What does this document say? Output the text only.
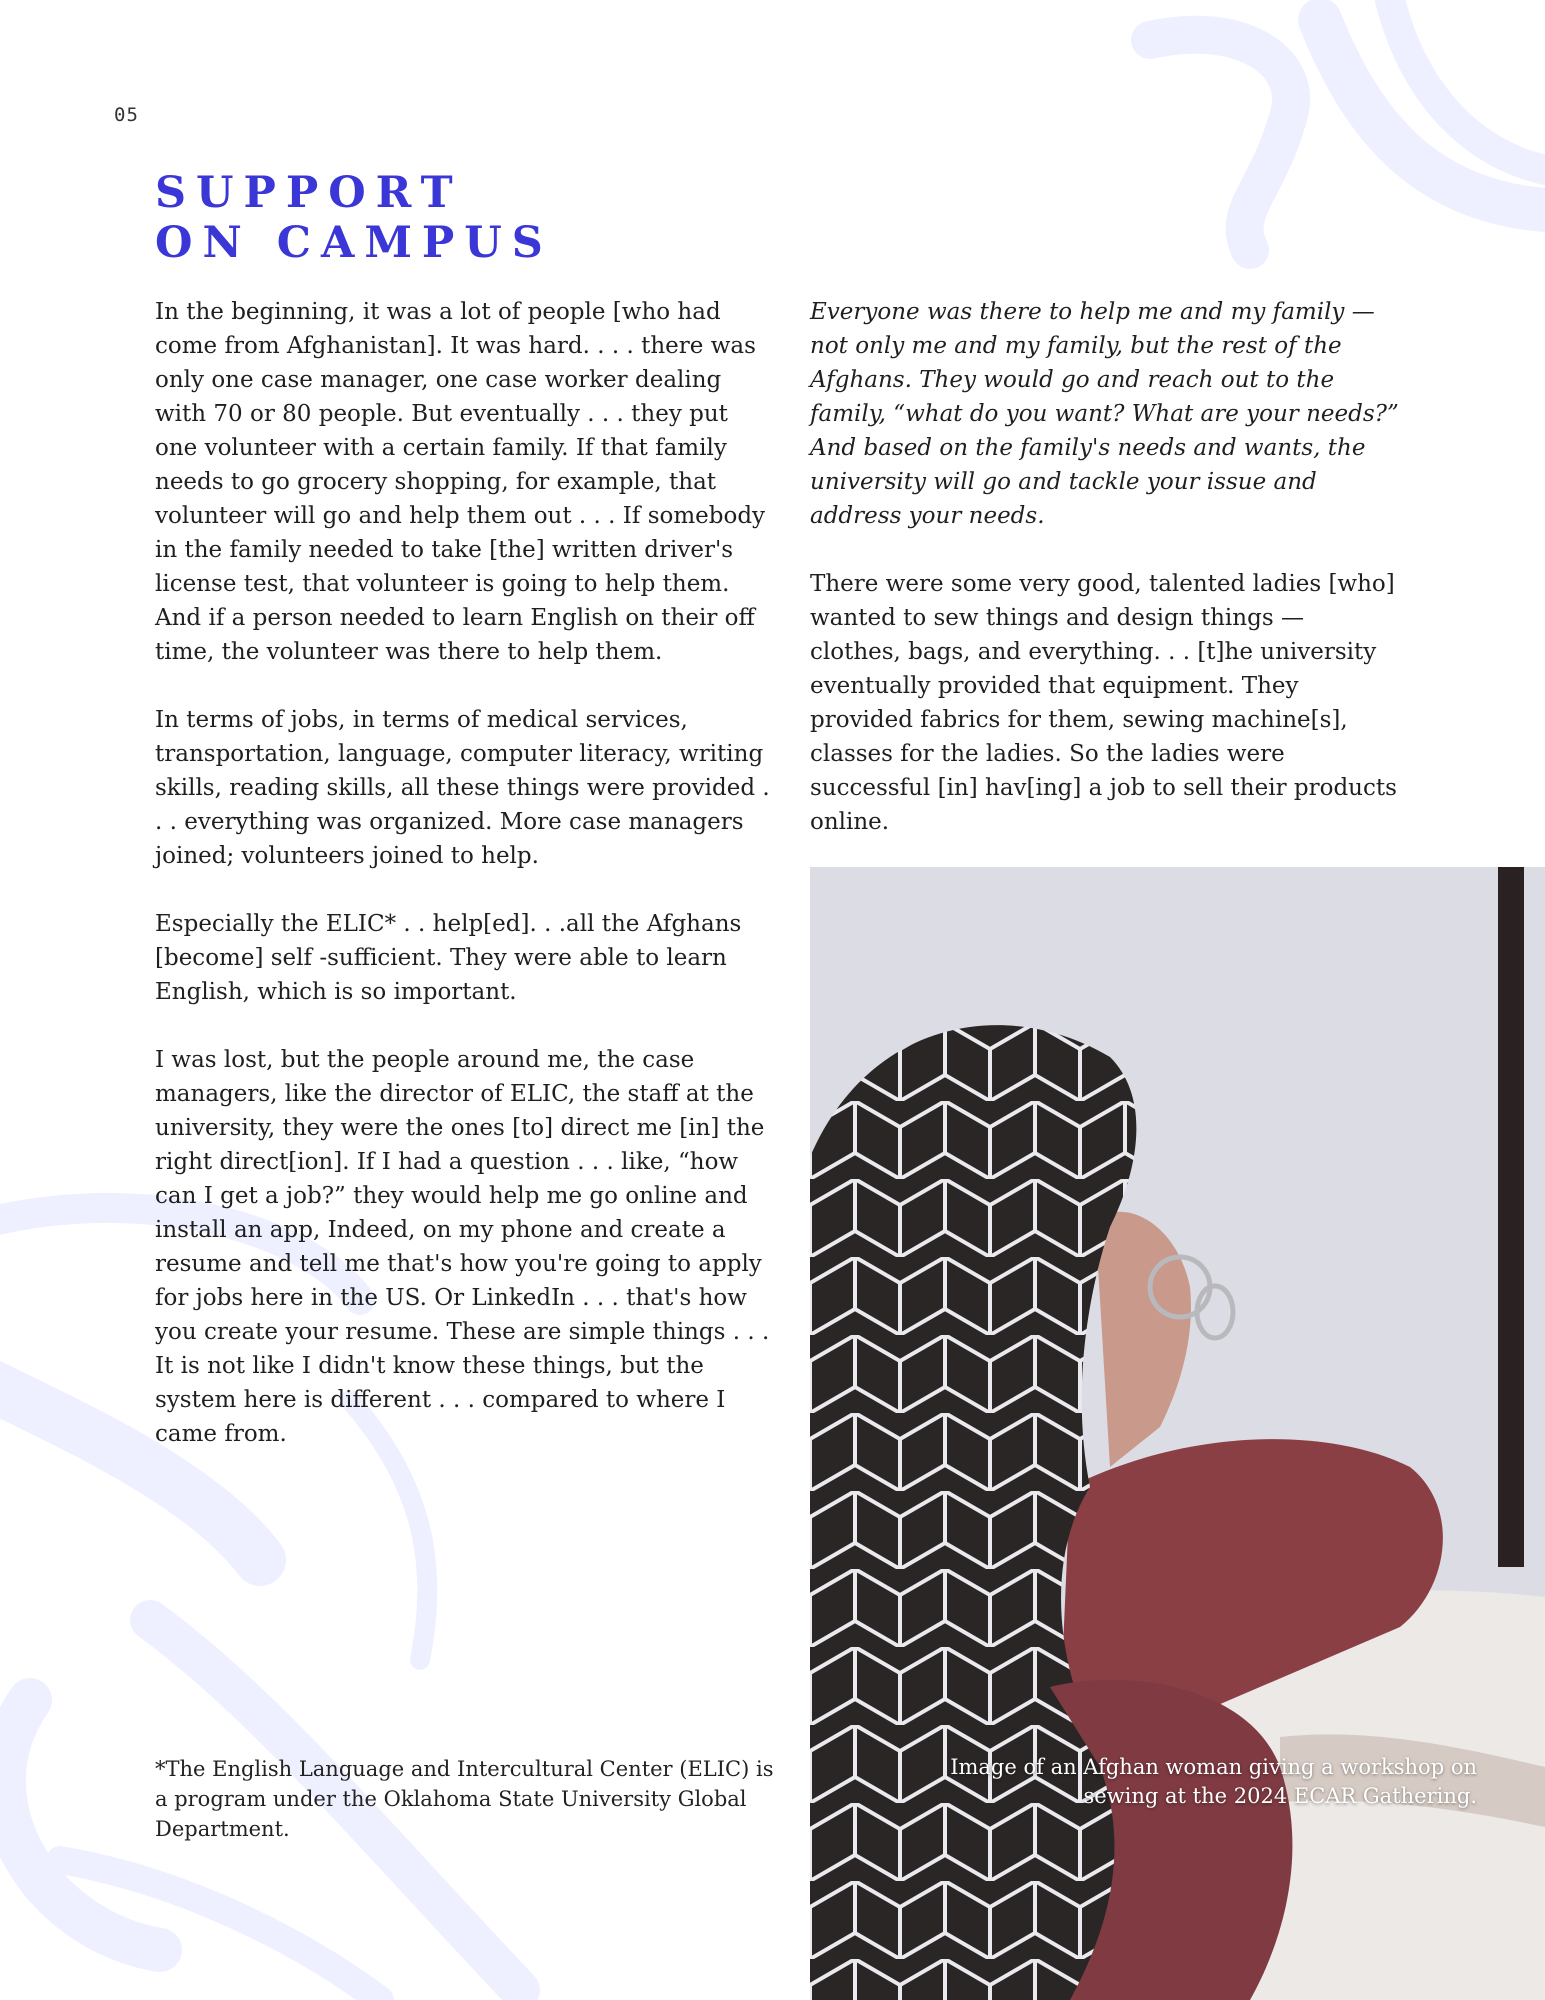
05
SUPPORT
ON CAMPUS

In the beginning, it was a lot of people [who had come from Afghanistan]. It was hard. . . . there was only one case manager, one case worker dealing with 70 or 80 people. But eventually . . . they put one volunteer with a certain family. If that family needs to go grocery shopping, for example, that volunteer will go and help them out . . . If somebody in the family needed to take [the] written driver's license test, that volunteer is going to help them. And if a person needed to learn English on their off time, the volunteer was there to help them.

In terms of jobs, in terms of medical services, transportation, language, computer literacy, writing skills, reading skills, all these things were provided . . . everything was organized. More case managers joined; volunteers joined to help.

Especially the ELIC* . . help[ed]. . .all the Afghans [become] self -sufficient. They were able to learn English, which is so important.

I was lost, but the people around me, the case managers, like the director of ELIC, the staff at the university, they were the ones [to] direct me [in] the right direct[ion]. If I had a question . . . like, “how can I get a job?” they would help me go online and install an app, Indeed, on my phone and create a resume and tell me that's how you're going to apply for jobs here in the US. Or LinkedIn . . . that's how you create your resume. These are simple things . . . It is not like I didn't know these things, but the system here is different . . . compared to where I came from.

Everyone was there to help me and my family — not only me and my family, but the rest of the Afghans. They would go and reach out to the family, “what do you want? What are your needs?” And based on the family's needs and wants, the university will go and tackle your issue and address your needs.

There were some very good, talented ladies [who] wanted to sew things and design things — clothes, bags, and everything. . . [t]he university eventually provided that equipment. They provided fabrics for them, sewing machine[s], classes for the ladies. So the ladies were successful [in] hav[ing] a job to sell their products online.

*The English Language and Intercultural Center (ELIC) is a program under the Oklahoma State University Global Department.
Image of an Afghan woman giving a workshop on
sewing at the 2024 ECAR Gathering.
